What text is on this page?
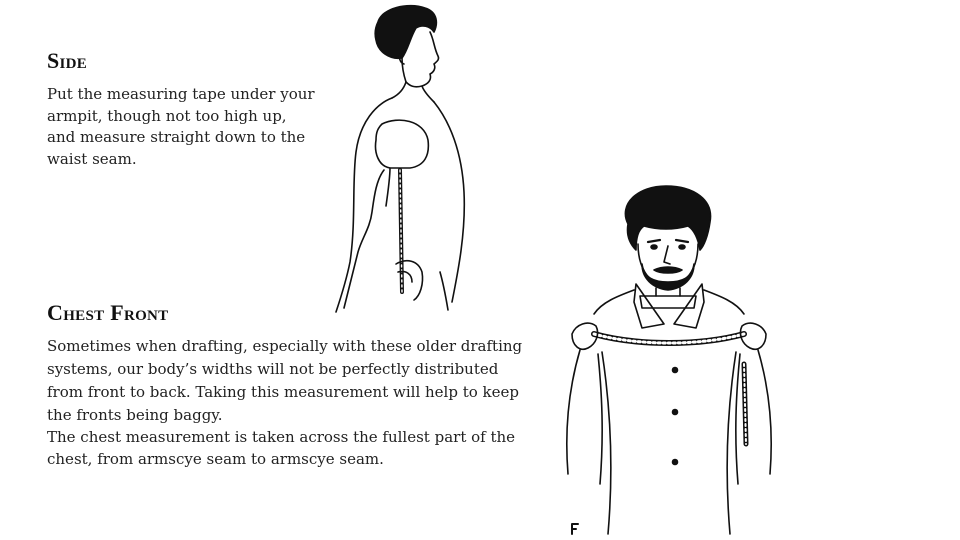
Side

Put the measuring tape under your armpit, though not too high up, and measure straight down to the waist seam.

Chest Front

Sometimes when drafting, especially with these older drafting systems, our body’s widths will not be perfectly distributed from front to back. Taking this measurement will help to keep the fronts being baggy.

The chest measurement is taken across the fullest part of the chest, from armscye seam to armscye seam.
